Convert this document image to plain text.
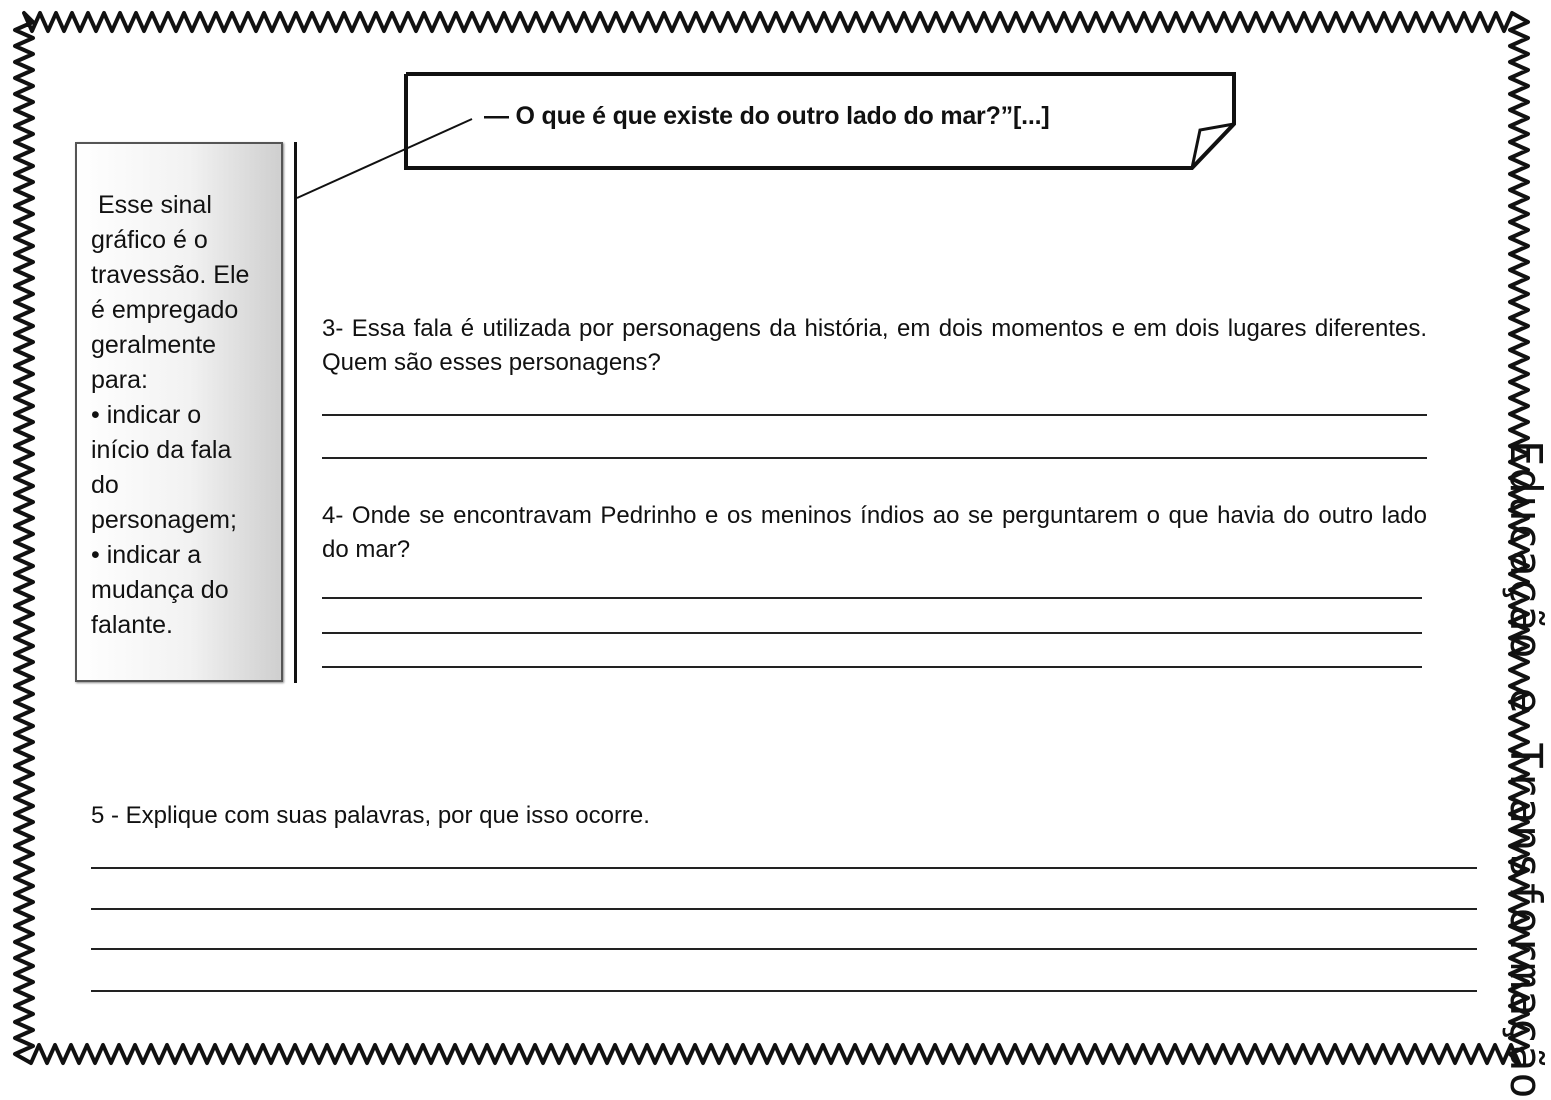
— O que é que existe do outro lado do mar?”[...]
Esse sinal
gráfico é o
travessão. Ele
é empregado
geralmente
para:
• indicar o
início da fala
do
personagem;
• indicar a
mudança do
falante.
3- Essa fala é utilizada por personagens da história, em dois momentos e em dois lugares diferentes. Quem são esses personagens?
4- Onde se encontravam Pedrinho e os meninos índios ao se perguntarem o que havia do outro lado do mar?
5 - Explique com suas palavras, por que isso ocorre.	Educação e Transformação
